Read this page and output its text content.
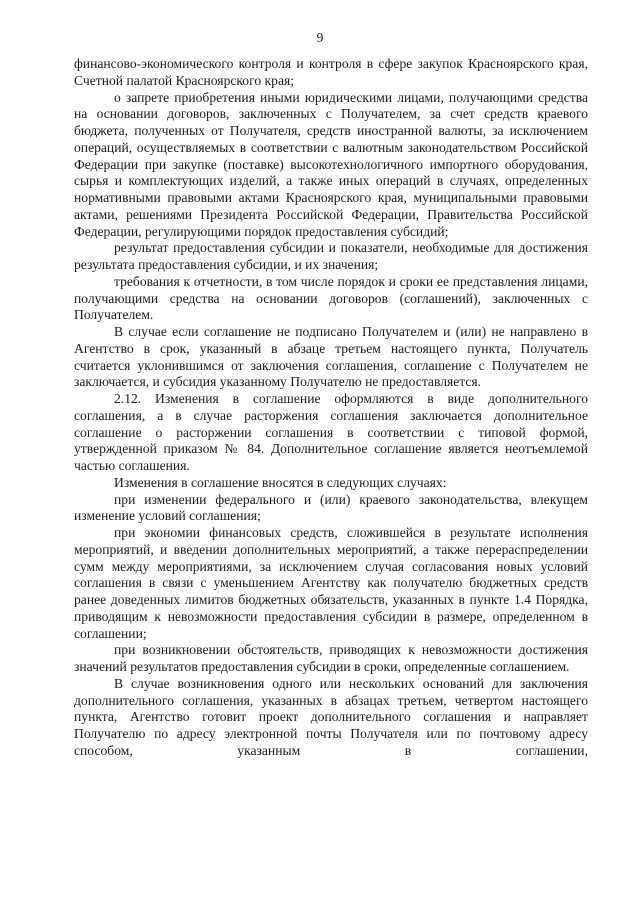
9

финансово-экономического контроля и контроля в сфере закупок Красноярского края, Счетной палатой Красноярского края;

о запрете приобретения иными юридическими лицами, получающими средства на основании договоров, заключенных с Получателем, за счет средств краевого бюджета, полученных от Получателя, средств иностранной валюты, за исключением операций, осуществляемых в соответствии с валютным законодательством Российской Федерации при закупке (поставке) высокотехнологичного импортного оборудования, сырья и комплектующих изделий, а также иных операций в случаях, определенных нормативными правовыми актами Красноярского края, муниципальными правовыми актами, решениями Президента Российской Федерации, Правительства Российской Федерации, регулирующими порядок предоставления субсидий;

результат предоставления субсидии и показатели, необходимые для достижения результата предоставления субсидии, и их значения;

требования к отчетности, в том числе порядок и сроки ее представления лицами, получающими средства на основании договоров (соглашений), заключенных с Получателем.

В случае если соглашение не подписано Получателем и (или) не направлено в Агентство в срок, указанный в абзаце третьем настоящего пункта, Получатель считается уклонившимся от заключения соглашения, соглашение с Получателем не заключается, и субсидия указанному Получателю не предоставляется.

2.12. Изменения в соглашение оформляются в виде дополнительного соглашения, а в случае расторжения соглашения заключается дополнительное соглашение о расторжении соглашения в соответствии с типовой формой, утвержденной приказом № 84. Дополнительное соглашение является неотъемлемой частью соглашения.

Изменения в соглашение вносятся в следующих случаях:

при изменении федерального и (или) краевого законодательства, влекущем изменение условий соглашения;

при экономии финансовых средств, сложившейся в результате исполнения мероприятий, и введении дополнительных мероприятий, а также перераспределении сумм между мероприятиями, за исключением случая согласования новых условий соглашения в связи с уменьшением Агентству как получателю бюджетных средств ранее доведенных лимитов бюджетных обязательств, указанных в пункте 1.4 Порядка, приводящим к невозможности предоставления субсидии в размере, определенном в соглашении;

при возникновении обстоятельств, приводящих к невозможности достижения значений результатов предоставления субсидии в сроки, определенные соглашением.

В случае возникновения одного или нескольких оснований для заключения дополнительного соглашения, указанных в абзацах третьем, четвертом настоящего пункта, Агентство готовит проект дополнительного соглашения и направляет Получателю по адресу электронной почты Получателя или по почтовому адресу способом, указанным в соглашении,
